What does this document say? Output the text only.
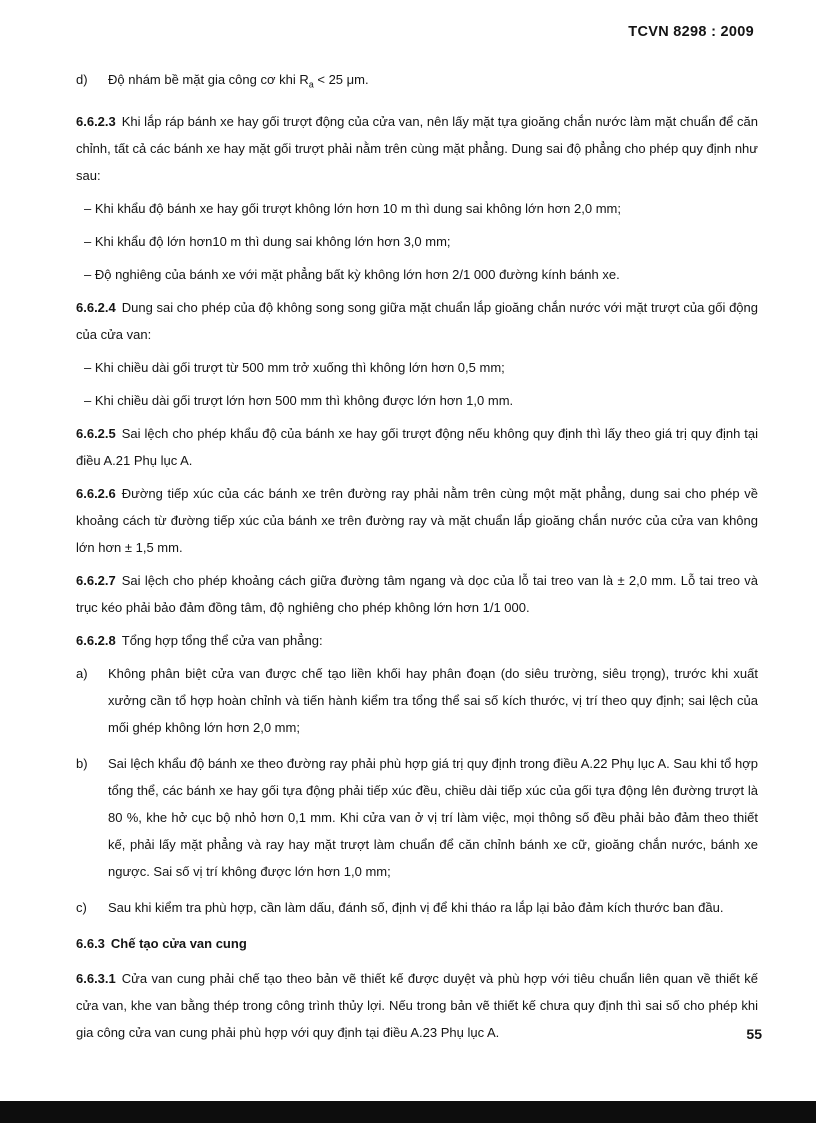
TCVN 8298 : 2009
d)	Độ nhám bề mặt gia công cơ khi $R_a < 25$ μm.

6.6.2.3 Khi lắp ráp bánh xe hay gối trượt động của cửa van, nên lấy mặt tựa gioăng chắn nước làm mặt chuẩn để căn chỉnh, tất cả các bánh xe hay mặt gối trượt phải nằm trên cùng mặt phẳng. Dung sai độ phẳng cho phép quy định như sau:

– Khi khẩu độ bánh xe hay gối trượt không lớn hơn 10 m thì dung sai không lớn hơn 2,0 mm;

– Khi khẩu độ lớn hơn10 m thì dung sai không lớn hơn 3,0 mm;

– Độ nghiêng của bánh xe với mặt phẳng bất kỳ không lớn hơn 2/1 000 đường kính bánh xe.

6.6.2.4 Dung sai cho phép của độ không song song giữa mặt chuẩn lắp gioăng chắn nước với mặt trượt của gối động của cửa van:

– Khi chiều dài gối trượt từ 500 mm trở xuống thì không lớn hơn 0,5 mm;

– Khi chiều dài gối trượt lớn hơn 500 mm thì không được lớn hơn 1,0 mm.

6.6.2.5 Sai lệch cho phép khẩu độ của bánh xe hay gối trượt động nếu không quy định thì lấy theo giá trị quy định tại điều A.21 Phụ lục A.

6.6.2.6 Đường tiếp xúc của các bánh xe trên đường ray phải nằm trên cùng một mặt phẳng, dung sai cho phép về khoảng cách từ đường tiếp xúc của bánh xe trên đường ray và mặt chuẩn lắp gioăng chắn nước của cửa van không lớn hơn ± 1,5 mm.

6.6.2.7 Sai lệch cho phép khoảng cách giữa đường tâm ngang và dọc của lỗ tai treo van là ± 2,0 mm. Lỗ tai treo và trục kéo phải bảo đảm đồng tâm, độ nghiêng cho phép không lớn hơn 1/1 000.

6.6.2.8 Tổng hợp tổng thể cửa van phẳng:

a)	Không phân biệt cửa van được chế tạo liền khối hay phân đoạn (do siêu trường, siêu trọng), trước khi xuất xưởng cần tổ hợp hoàn chỉnh và tiến hành kiểm tra tổng thể sai số kích thước, vị trí theo quy định; sai lệch của mối ghép không lớn hơn 2,0 mm;
b)	Sai lệch khẩu độ bánh xe theo đường ray phải phù hợp giá trị quy định trong điều A.22 Phụ lục A. Sau khi tổ hợp tổng thể, các bánh xe hay gối tựa động phải tiếp xúc đều, chiều dài tiếp xúc của gối tựa động lên đường trượt là 80 %, khe hở cục bộ nhỏ hơn 0,1 mm. Khi cửa van ở vị trí làm việc, mọi thông số đều phải bảo đảm theo thiết kế, phải lấy mặt phẳng và ray hay mặt trượt làm chuẩn để căn chỉnh bánh xe cữ, gioăng chắn nước, bánh xe ngược. Sai số vị trí không được lớn hơn 1,0 mm;
c)	Sau khi kiểm tra phù hợp, cần làm dấu, đánh số, định vị để khi tháo ra lắp lại bảo đảm kích thước ban đầu.

6.6.3 Chế tạo cửa van cung

6.6.3.1 Cửa van cung phải chế tạo theo bản vẽ thiết kế được duyệt và phù hợp với tiêu chuẩn liên quan về thiết kế cửa van, khe van bằng thép trong công trình thủy lợi. Nếu trong bản vẽ thiết kế chưa quy định thì sai số cho phép khi gia công cửa van cung phải phù hợp với quy định tại điều A.23 Phụ lục A.	55
